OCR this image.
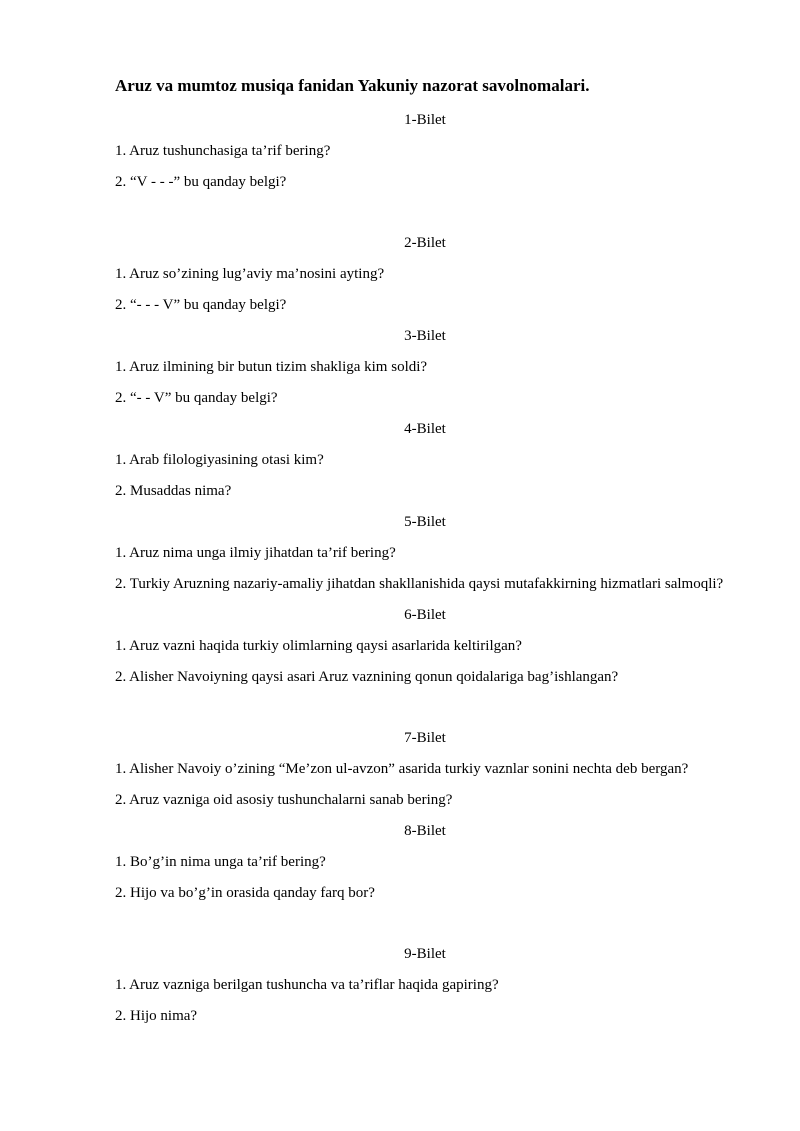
Aruz va mumtoz musiqa fanidan Yakuniy nazorat savolnomalari.

1-Bilet

1. Aruz tushunchasiga ta’rif bering?

2. “V - - -” bu qanday belgi?

2-Bilet

1. Aruz so’zining lug’aviy ma’nosini ayting?

2. “- - - V” bu qanday belgi?

3-Bilet

1. Aruz ilmining bir butun tizim shakliga kim soldi?

2. “- - V” bu qanday belgi?

4-Bilet

1. Arab filologiyasining otasi kim?

2. Musaddas nima?

5-Bilet

1. Aruz nima unga ilmiy jihatdan ta’rif bering?

2. Turkiy Aruzning nazariy-amaliy jihatdan shakllanishida qaysi mutafakkirning hizmatlari salmoqli?

6-Bilet

1. Aruz vazni haqida turkiy olimlarning qaysi asarlarida keltirilgan?

2. Alisher Navoiyning qaysi asari Aruz vaznining qonun qoidalariga bag’ishlangan?

7-Bilet

1. Alisher Navoiy o’zining “Me’zon ul-avzon” asarida turkiy vaznlar sonini nechta deb bergan?

2. Aruz vazniga oid asosiy tushunchalarni sanab bering?

8-Bilet

1. Bo’g’in nima unga ta’rif bering?

2. Hijo va bo’g’in orasida qanday farq bor?

9-Bilet

1. Aruz vazniga berilgan tushuncha va ta’riflar haqida gapiring?

2. Hijo nima?
